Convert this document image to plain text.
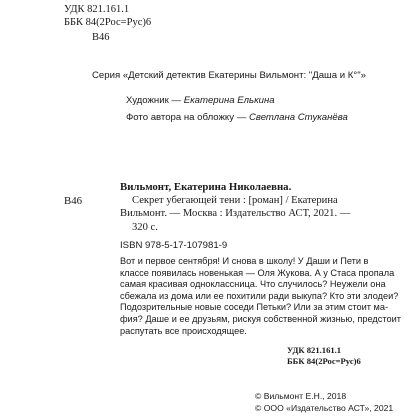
УДК 821.161.1
ББК 84(2Рос=Рус)6
В46
Серия «Детский детектив Екатерины Вильмонт: "Даша и К°"»
Художник — Екатерина Елькина
Фото автора на обложку — Светлана Стуканёва
Вильмонт, Екатерина Николаевна.
В46	Секрет убегающей тени : [роман] / Екатерина
Вильмонт. — Москва : Издательство АСТ, 2021. —
320 с.
ISBN 978-5-17-107981-9
Вот и первое сентября! И снова в школу! У Даши и Пети в
классе появилась новенькая — Оля Жукова. А у Стаса пропала
самая красивая одноклассница. Что случилось? Неужели она
сбежала из дома или ее похитили ради выкупа? Кто эти злодеи?
Подозрительные новые соседи Петьки? Или за этим стоит ма-
фия? Даше и ее друзьям, рискуя собственной жизнью, предстоит
распутать все происходящее.
УДК 821.161.1
ББК 84(2Рос=Рус)6
© Вильмонт Е.Н., 2018
© ООО «Издательство АСТ», 2021
